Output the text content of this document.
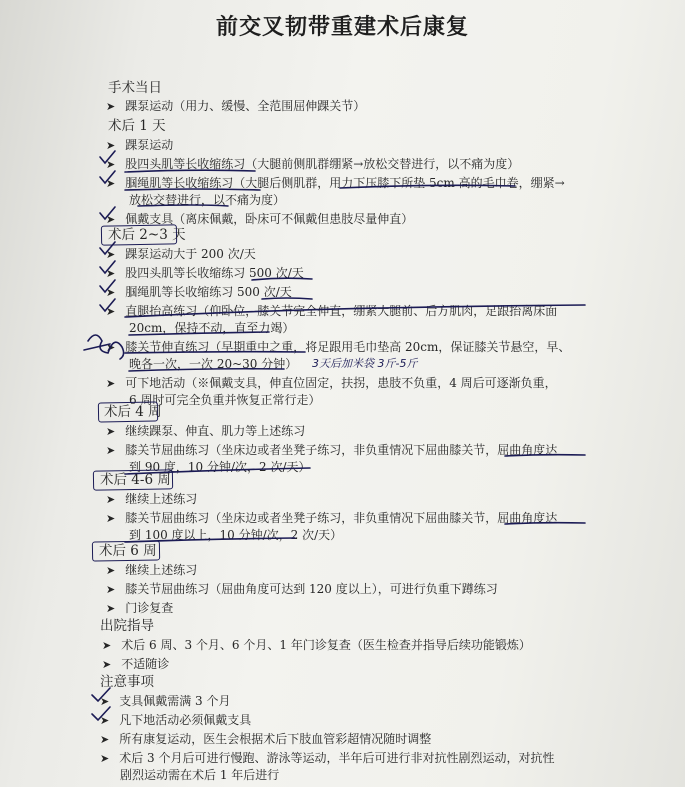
前交叉韧带重建术后康复
手术当日
➤ 踝泵运动（用力、缓慢、全范围屈伸踝关节）
术后 1 天
➤ 踝泵运动
➤ 股四头肌等长收缩练习（大腿前侧肌群绷紧→放松交替进行，以不痛为度）
➤ 腘绳肌等长收缩练习（大腿后侧肌群，用力下压膝下所垫 5cm 高的毛巾卷，绷紧→
放松交替进行，以不痛为度）
➤ 佩戴支具（离床佩戴，卧床可不佩戴但患肢尽量伸直）
术后 2~3 天
➤ 踝泵运动大于 200 次/天
➤ 股四头肌等长收缩练习 500 次/天
➤ 腘绳肌等长收缩练习 500 次/天
➤ 直腿抬高练习（仰卧位，膝关节完全伸直，绷紧大腿前、后方肌肉，足跟抬离床面
20cm，保持不动，直至力竭）
➤ 膝关节伸直练习（早期重中之重，将足跟用毛巾垫高 20cm，保证膝关节悬空，早、
晚各一次，一次 20~30 分钟） 3天后加米袋 3斤-5斤
➤ 可下地活动（※佩戴支具，伸直位固定，扶拐，患肢不负重，4 周后可逐渐负重，
6 周时可完全负重并恢复正常行走）
术后 4 周
➤ 继续踝泵、伸直、肌力等上述练习
➤ 膝关节屈曲练习（坐床边或者坐凳子练习，非负重情况下屈曲膝关节，屈曲角度达
到 90 度，10 分钟/次，2 次/天）
术后 4-6 周
➤ 继续上述练习
➤ 膝关节屈曲练习（坐床边或者坐凳子练习，非负重情况下屈曲膝关节，屈曲角度达
到 100 度以上，10 分钟/次，2 次/天）
术后 6 周
➤ 继续上述练习
➤ 膝关节屈曲练习（屈曲角度可达到 120 度以上），可进行负重下蹲练习
➤ 门诊复查
出院指导
➤ 术后 6 周、3 个月、6 个月、1 年门诊复查（医生检查并指导后续功能锻炼）
➤ 不适随诊
注意事项
➤ 支具佩戴需满 3 个月
➤ 凡下地活动必须佩戴支具
➤ 所有康复运动，医生会根据术后下肢血管彩超情况随时调整
➤ 术后 3 个月后可进行慢跑、游泳等运动，半年后可进行非对抗性剧烈运动，对抗性
剧烈运动需在术后 1 年后进行
